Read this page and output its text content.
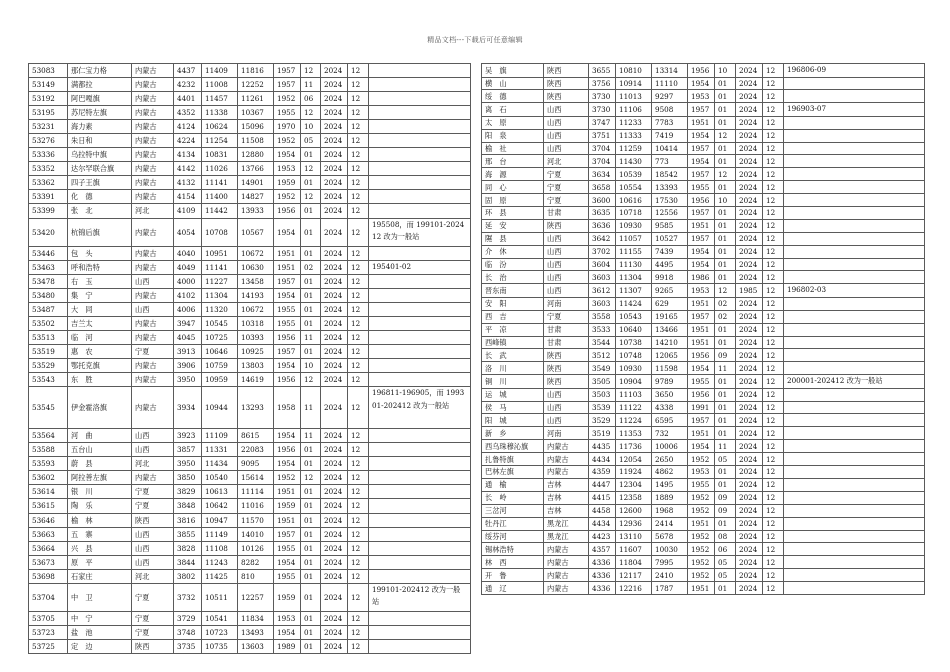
精品文档---下载后可任意编辑
53083	那仁宝力格	内蒙古	4437	11409	11816	1957	12	2024	12	
53149	满都拉	内蒙古	4232	11008	12252	1957	11	2024	12	
53192	阿巴嘎旗	内蒙古	4401	11457	11261	1952	06	2024	12	
53195	苏尼特左旗	内蒙古	4352	11338	10367	1955	12	2024	12	
53231	海力素	内蒙古	4124	10624	15096	1970	10	2024	12	
53276	朱日和	内蒙古	4224	11254	11508	1952	05	2024	12	
53336	乌拉特中旗	内蒙古	4134	10831	12880	1954	01	2024	12	
53352	达尔罕联合旗	内蒙古	4142	11026	13766	1953	12	2024	12	
53362	四子王旗	内蒙古	4132	11141	14901	1959	01	2024	12	
53391	化　德	内蒙古	4154	11400	14827	1952	12	2024	12	
53399	张　北	河北	4109	11442	13933	1956	01	2024	12	
53420	杭锦后旗	内蒙古	4054	10708	10567	1954	01	2024	12	195508，而 199101-202412 改为一般站
53446	包　头	内蒙古	4040	10951	10672	1951	01	2024	12	
53463	呼和浩特	内蒙古	4049	11141	10630	1951	02	2024	12	195401-02
53478	右　玉	山西	4000	11227	13458	1957	01	2024	12	
53480	集　宁	内蒙古	4102	11304	14193	1954	01	2024	12	
53487	大　同	山西	4006	11320	10672	1955	01	2024	12	
53502	吉兰太	内蒙古	3947	10545	10318	1955	01	2024	12	
53513	临　河	内蒙古	4045	10725	10393	1956	11	2024	12	
53519	惠　农	宁夏	3913	10646	10925	1957	01	2024	12	
53529	鄂托克旗	内蒙古	3906	10759	13803	1954	10	2024	12	
53543	东　胜	内蒙古	3950	10959	14619	1956	12	2024	12	
53545	伊金霍洛旗	内蒙古	3934	10944	13293	1958	11	2024	12	196811-196905，而 199301-202412 改为一般站
53564	河　曲	山西	3923	11109	8615	1954	11	2024	12	
53588	五台山	山西	3857	11331	22083	1956	01	2024	12	
53593	蔚　县	河北	3950	11434	9095	1954	01	2024	12	
53602	阿拉善左旗	内蒙古	3850	10540	15614	1952	12	2024	12	
53614	银　川	宁夏	3829	10613	11114	1951	01	2024	12	
53615	陶　乐	宁夏	3848	10642	11016	1959	01	2024	12	
53646	榆　林	陕西	3816	10947	11570	1951	01	2024	12	
53663	五　寨	山西	3855	11149	14010	1957	01	2024	12	
53664	兴　县	山西	3828	11108	10126	1955	01	2024	12	
53673	原　平	山西	3844	11243	8282	1954	01	2024	12	
53698	石家庄	河北	3802	11425	810	1955	01	2024	12	
53704	中　卫	宁夏	3732	10511	12257	1959	01	2024	12	199101-202412 改为一般站
53705	中　宁	宁夏	3729	10541	11834	1953	01	2024	12	
53723	盐　池	宁夏	3748	10723	13493	1954	01	2024	12	
53725	定　边	陕西	3735	10735	13603	1989	01	2024	12	
吴　旗	陕西	3655	10810	13314	1956	10	2024	12	196806-09
横　山	陕西	3756	10914	11110	1954	01	2024	12	
绥　德	陕西	3730	11013	9297	1953	01	2024	12	
离　石	山西	3730	11106	9508	1957	01	2024	12	196903-07
太　原	山西	3747	11233	7783	1951	01	2024	12	
阳　泉	山西	3751	11333	7419	1954	12	2024	12	
榆　社	山西	3704	11259	10414	1957	01	2024	12	
邢　台	河北	3704	11430	773	1954	01	2024	12	
海　源	宁夏	3634	10539	18542	1957	12	2024	12	
同　心	宁夏	3658	10554	13393	1955	01	2024	12	
固　原	宁夏	3600	10616	17530	1956	10	2024	12	
环　县	甘肃	3635	10718	12556	1957	01	2024	12	
延　安	陕西	3636	10930	9585	1951	01	2024	12	
隰　县	山西	3642	11057	10527	1957	01	2024	12	
介　休	山西	3702	11155	7439	1954	01	2024	12	
临　汾	山西	3604	11130	4495	1954	01	2024	12	
长　治	山西	3603	11304	9918	1986	01	2024	12	
晋东南	山西	3612	11307	9265	1953	12	1985	12	196802-03
安　阳	河南	3603	11424	629	1951	02	2024	12	
西　吉	宁夏	3558	10543	19165	1957	02	2024	12	
平　凉	甘肃	3533	10640	13466	1951	01	2024	12	
西峰镇	甘肃	3544	10738	14210	1951	01	2024	12	
长　武	陕西	3512	10748	12065	1956	09	2024	12	
洛　川	陕西	3549	10930	11598	1954	11	2024	12	
铜　川	陕西	3505	10904	9789	1955	01	2024	12	200001-202412 改为一般站
运　城	山西	3503	11103	3650	1956	01	2024	12	
侯　马	山西	3539	11122	4338	1991	01	2024	12	
阳　城	山西	3529	11224	6595	1957	01	2024	12	
新　乡	河南	3519	11353	732	1951	01	2024	12	
西乌珠穆沁旗	内蒙古	4435	11736	10006	1954	11	2024	12	
扎鲁特旗	内蒙古	4434	12054	2650	1952	05	2024	12	
巴林左旗	内蒙古	4359	11924	4862	1953	01	2024	12	
通　榆	吉林	4447	12304	1495	1955	01	2024	12	
长　岭	吉林	4415	12358	1889	1952	09	2024	12	
三岔河	吉林	4458	12600	1968	1952	09	2024	12	
牡丹江	黑龙江	4434	12936	2414	1951	01	2024	12	
绥芬河	黑龙江	4423	13110	5678	1952	08	2024	12	
锡林浩特	内蒙古	4357	11607	10030	1952	06	2024	12	
林　西	内蒙古	4336	11804	7995	1952	05	2024	12	
开　鲁	内蒙古	4336	12117	2410	1952	05	2024	12	
通　辽	内蒙古	4336	12216	1787	1951	01	2024	12	
